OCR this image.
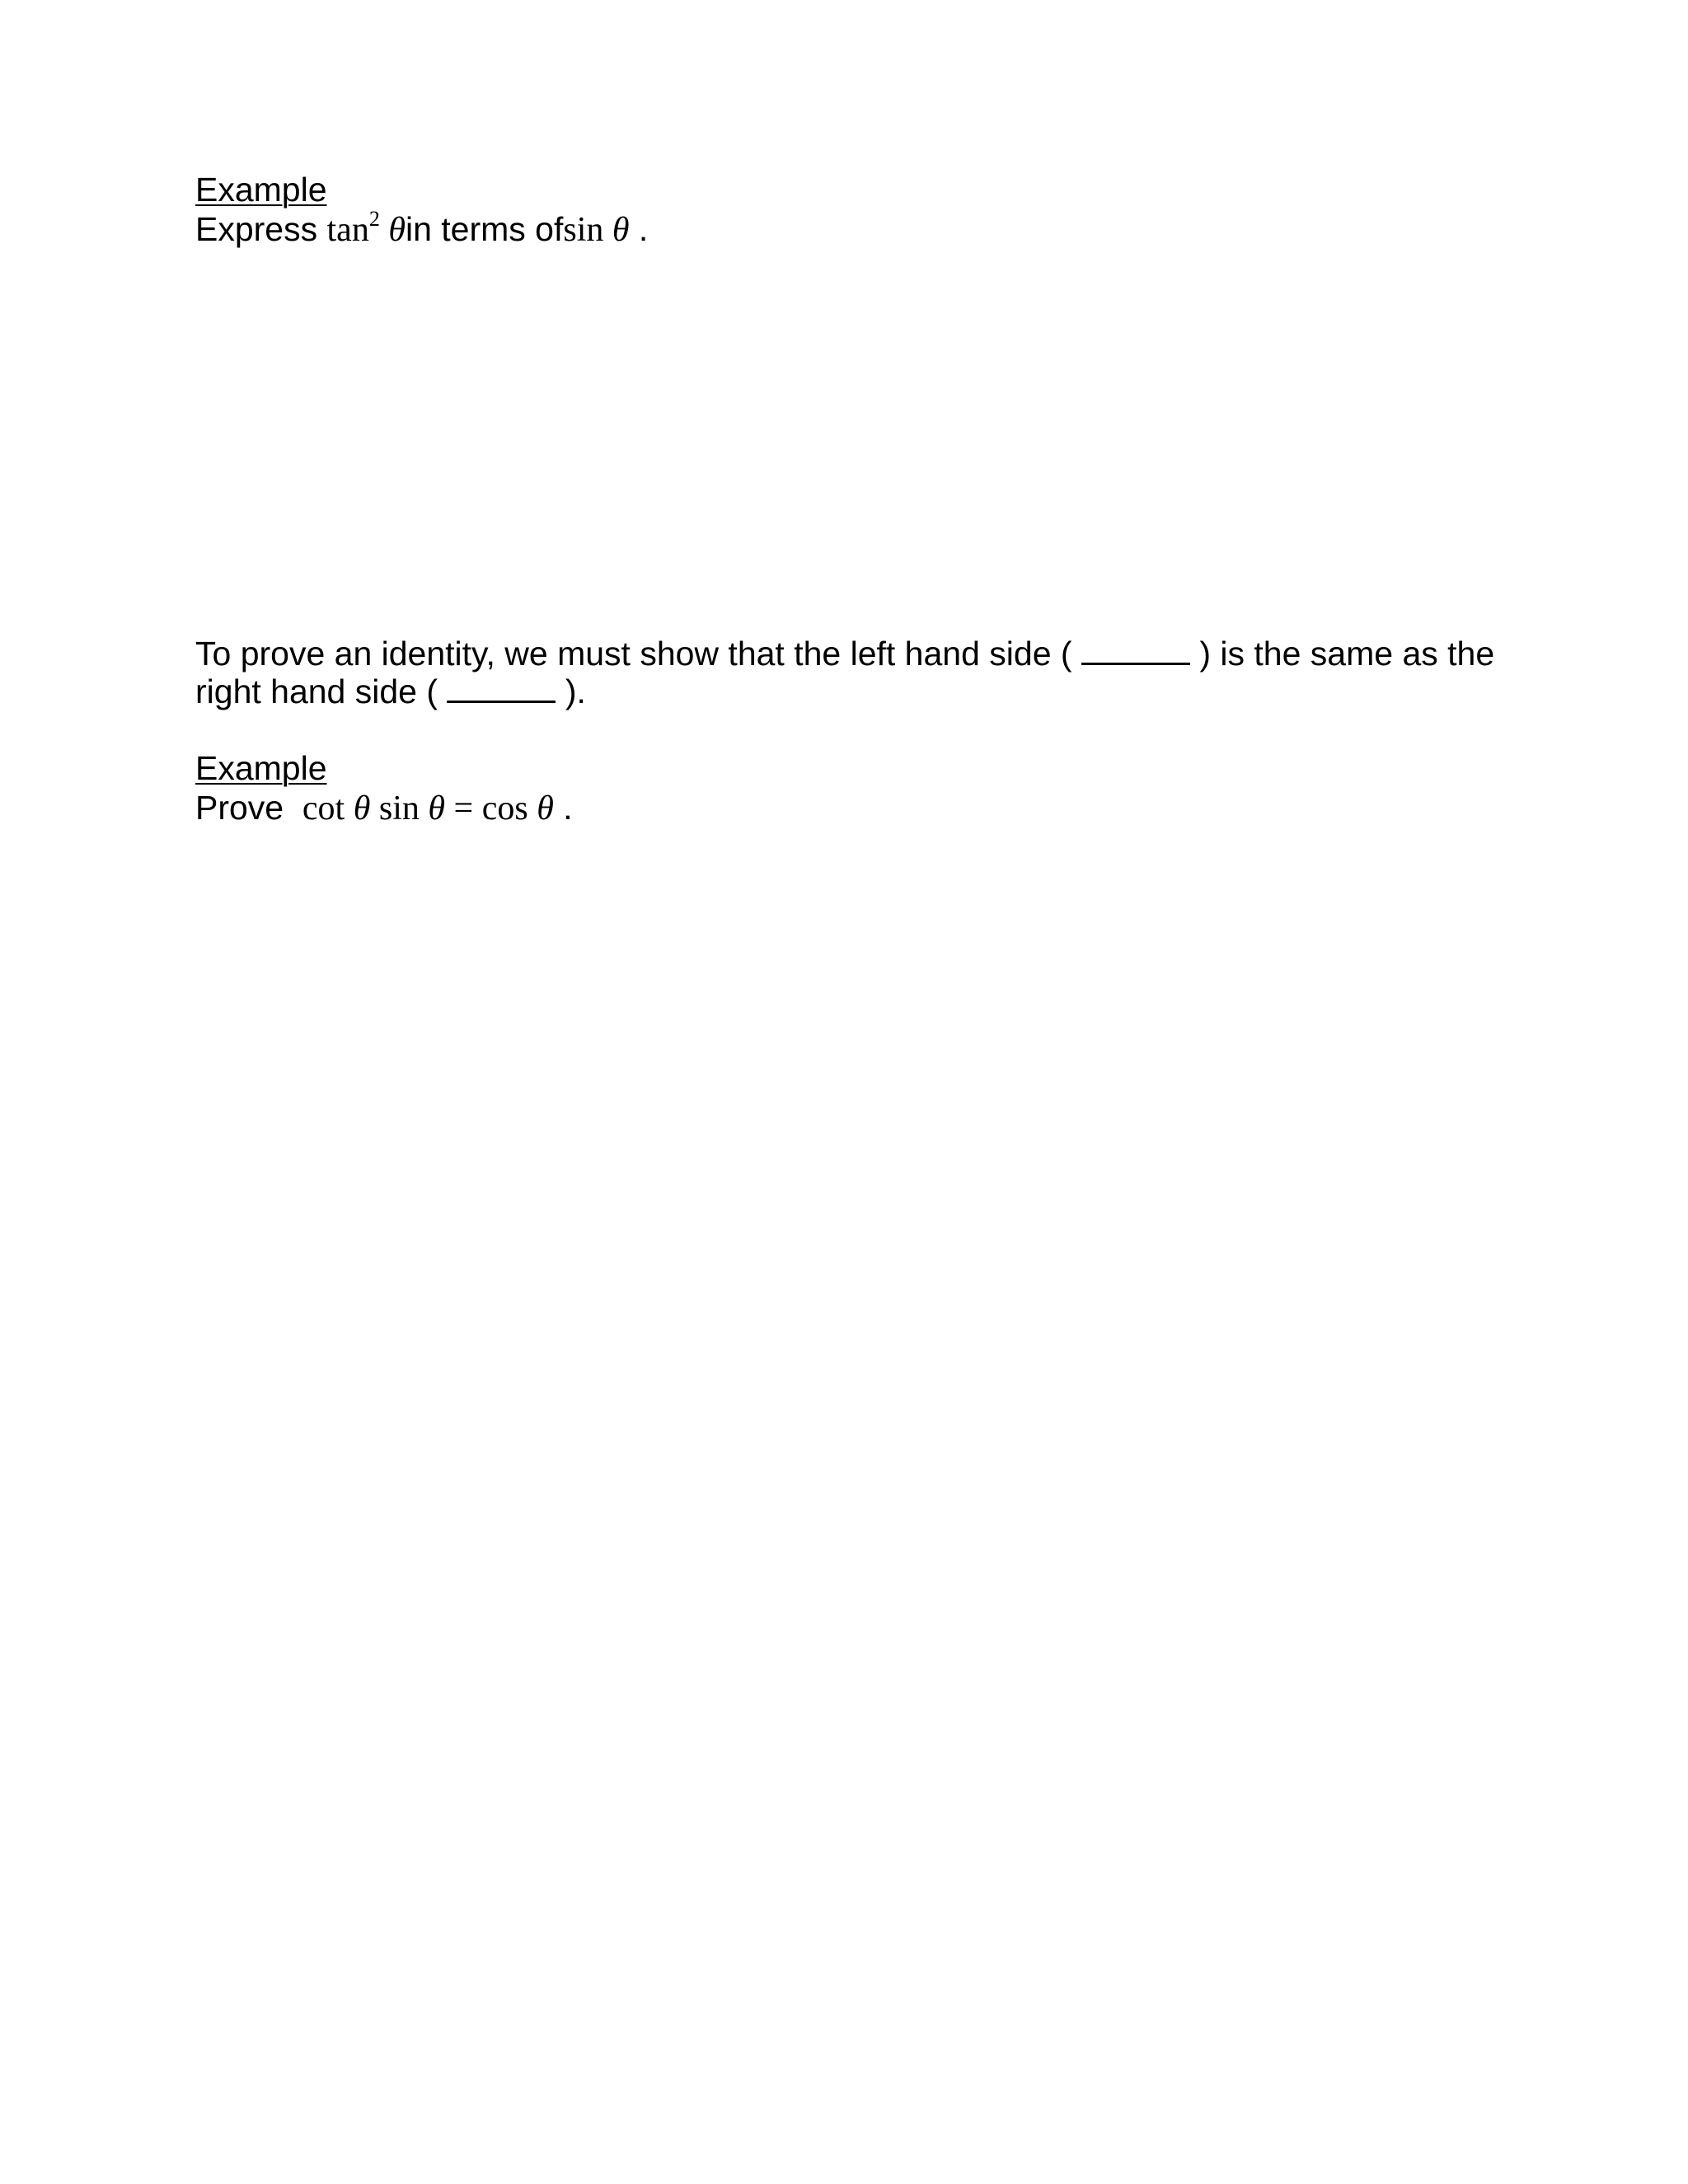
Example
Express $\tan^2 \theta in$ terms ofsin θ .
To prove an identity, we must show that the left hand side (	) is the same as the
right hand side (	).
Example
Prove cot θ sin θ = cos θ .
